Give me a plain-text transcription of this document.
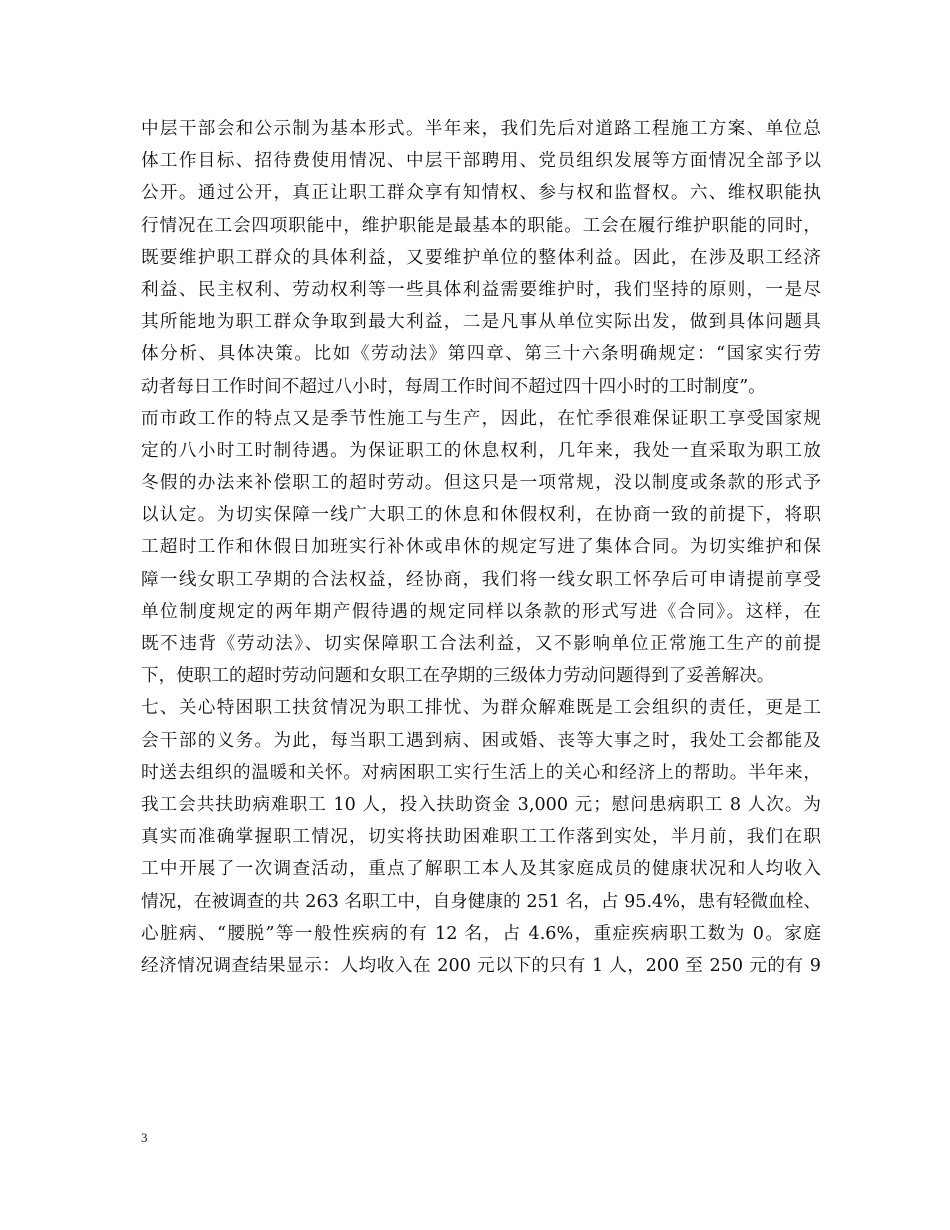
中层干部会和公示制为基本形式。半年来，我们先后对道路工程施工方案、单位总
体工作目标、招待费使用情况、中层干部聘用、党员组织发展等方面情况全部予以
公开。通过公开，真正让职工群众享有知情权、参与权和监督权。六、维权职能执
行情况在工会四项职能中，维护职能是最基本的职能。工会在履行维护职能的同时，
既要维护职工群众的具体利益，又要维护单位的整体利益。因此，在涉及职工经济
利益、民主权利、劳动权利等一些具体利益需要维护时，我们坚持的原则，一是尽
其所能地为职工群众争取到最大利益，二是凡事从单位实际出发，做到具体问题具
体分析、具体决策。比如《劳动法》第四章、第三十六条明确规定：“国家实行劳
动者每日工作时间不超过八小时，每周工作时间不超过四十四小时的工时制度”。
而市政工作的特点又是季节性施工与生产，因此，在忙季很难保证职工享受国家规
定的八小时工时制待遇。为保证职工的休息权利，几年来，我处一直采取为职工放
冬假的办法来补偿职工的超时劳动。但这只是一项常规，没以制度或条款的形式予
以认定。为切实保障一线广大职工的休息和休假权利，在协商一致的前提下，将职
工超时工作和休假日加班实行补休或串休的规定写进了集体合同。为切实维护和保
障一线女职工孕期的合法权益，经协商，我们将一线女职工怀孕后可申请提前享受
单位制度规定的两年期产假待遇的规定同样以条款的形式写进《合同》。这样，在
既不违背《劳动法》、切实保障职工合法利益，又不影响单位正常施工生产的前提
下，使职工的超时劳动问题和女职工在孕期的三级体力劳动问题得到了妥善解决。
七、关心特困职工扶贫情况为职工排忧、为群众解难既是工会组织的责任，更是工
会干部的义务。为此，每当职工遇到病、困或婚、丧等大事之时，我处工会都能及
时送去组织的温暖和关怀。对病困职工实行生活上的关心和经济上的帮助。半年来，
我工会共扶助病难职工 10 人，投入扶助资金 3,000 元；慰问患病职工 8 人次。为
真实而准确掌握职工情况，切实将扶助困难职工工作落到实处，半月前，我们在职
工中开展了一次调查活动，重点了解职工本人及其家庭成员的健康状况和人均收入
情况，在被调查的共 263 名职工中，自身健康的 251 名，占 95.4%，患有轻微血栓、
心脏病、“腰脱”等一般性疾病的有 12 名，占 4.6%，重症疾病职工数为 0。家庭
经济情况调查结果显示：人均收入在 200 元以下的只有 1 人，200 至 250 元的有 9
3
